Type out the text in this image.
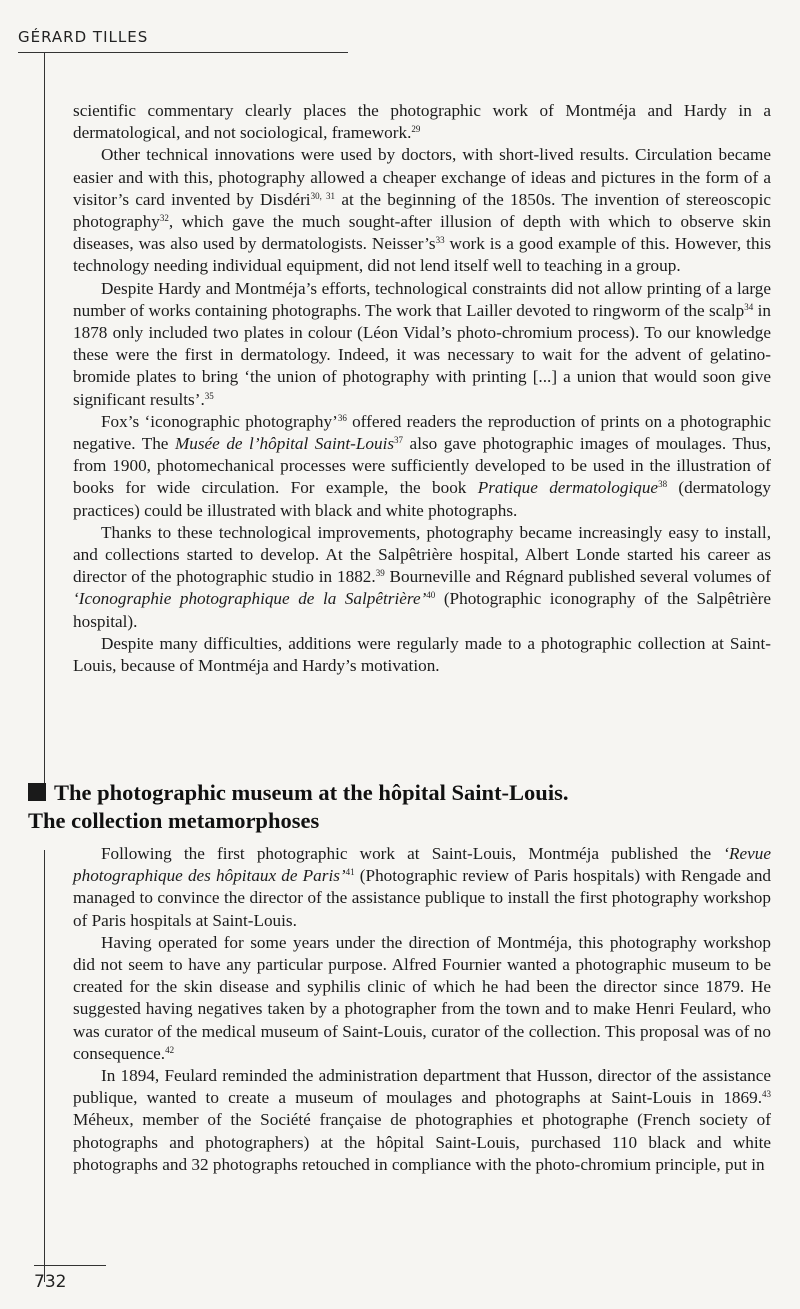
GÉRARD TILLES

scientific commentary clearly places the photographic work of Montméja and Hardy in a dermatological, and not sociological, framework.$^{29}$

Other technical innovations were used by doctors, with short-lived results. Circulation became easier and with this, photography allowed a cheaper exchange of ideas and pictures in the form of a visitor’s card invented by Disdéri$^{30, 31}$ at the beginning of the 1850s. The invention of stereoscopic photography$^{32}$, which gave the much sought-after illusion of depth with which to observe skin diseases, was also used by dermatologists. $Neisser’s^{33}$ work is a good example of this. However, this technology needing individual equipment, did not lend itself well to teaching in a group.

Despite Hardy and Montméja’s efforts, technological constraints did not allow printing of a large number of works containing photographs. The work that Lailler devoted to ringworm of the scalp$^{34}$ in 1878 only included two plates in colour (Léon Vidal’s photo-chromium process). To our knowledge these were the first in dermatology. Indeed, it was necessary to wait for the advent of gelatino-bromide plates to bring ‘the union of photography with printing [...] a union that would soon give significant results’.$^{35}$

Fox’s ‘iconographic photography’$^{36}$ offered readers the reproduction of prints on a photographic negative. The Musée de l’hôpital Saint-Louis$^{37}$ also gave photographic images of moulages. Thus, from 1900, photomechanical processes were sufficiently developed to be used in the illustration of books for wide circulation. For example, the book Pratique dermatologique$^{38}$ (dermatology practices) could be illustrated with black and white photographs.

Thanks to these technological improvements, photography became increasingly easy to install, and collections started to develop. At the Salpêtrière hospital, Albert Londe started his career as director of the photographic studio in 1882.39 Bourneville and Régnard published several volumes of ‘Iconographie photographique de la Salpêtrière’$^{40}$ (Photographic iconography of the Salpêtrière hospital).

Despite many difficulties, additions were regularly made to a photographic collection at Saint-Louis, because of Montméja and Hardy’s motivation.

The photographic museum at the hôpital Saint-Louis.
The collection metamorphoses

Following the first photographic work at Saint-Louis, Montméja published the ‘Revue photographique des hôpitaux de Paris’$^{41}$ (Photographic review of Paris hospitals) with Rengade and managed to convince the director of the assistance publique to install the first photography workshop of Paris hospitals at Saint-Louis.

Having operated for some years under the direction of Montméja, this photography workshop did not seem to have any particular purpose. Alfred Fournier wanted a photographic museum to be created for the skin disease and syphilis clinic of which he had been the director since 1879. He suggested having negatives taken by a photographer from the town and to make Henri Feulard, who was curator of the medical museum of Saint-Louis, curator of the collection. This proposal was of no consequence.$^{42}$

In 1894, Feulard reminded the administration department that Husson, director of the assistance publique, wanted to create a museum of moulages and photographs at Saint-Louis in 1869.43 Méheux, member of the Société française de photographies et photographe (French society of photographs and photographers) at the hôpital Saint-Louis, purchased 110 black and white photographs and 32 photographs retouched in compliance with the photo-chromium principle, put in

732
